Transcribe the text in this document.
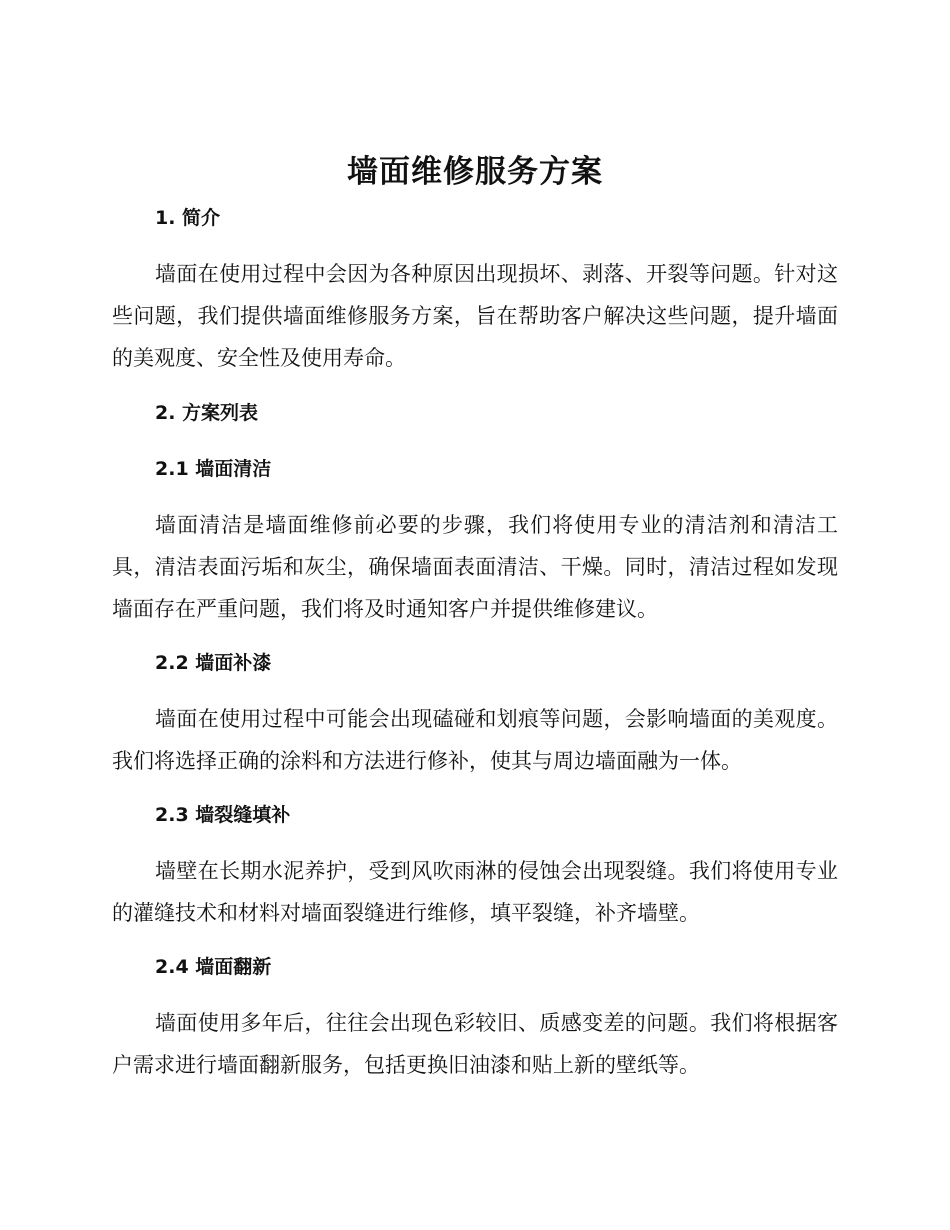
墙面维修服务方案
1. 简介

墙面在使用过程中会因为各种原因出现损坏、剥落、开裂等问题。针对这些问题，我们提供墙面维修服务方案，旨在帮助客户解决这些问题，提升墙面的美观度、安全性及使用寿命。

2. 方案列表
2.1 墙面清洁

墙面清洁是墙面维修前必要的步骤，我们将使用专业的清洁剂和清洁工具，清洁表面污垢和灰尘，确保墙面表面清洁、干燥。同时，清洁过程如发现墙面存在严重问题，我们将及时通知客户并提供维修建议。

2.2 墙面补漆

墙面在使用过程中可能会出现磕碰和划痕等问题，会影响墙面的美观度。我们将选择正确的涂料和方法进行修补，使其与周边墙面融为一体。

2.3 墙裂缝填补

墙壁在长期水泥养护，受到风吹雨淋的侵蚀会出现裂缝。我们将使用专业的灌缝技术和材料对墙面裂缝进行维修，填平裂缝，补齐墙壁。

2.4 墙面翻新

墙面使用多年后，往往会出现色彩较旧、质感变差的问题。我们将根据客户需求进行墙面翻新服务，包括更换旧油漆和贴上新的壁纸等。
